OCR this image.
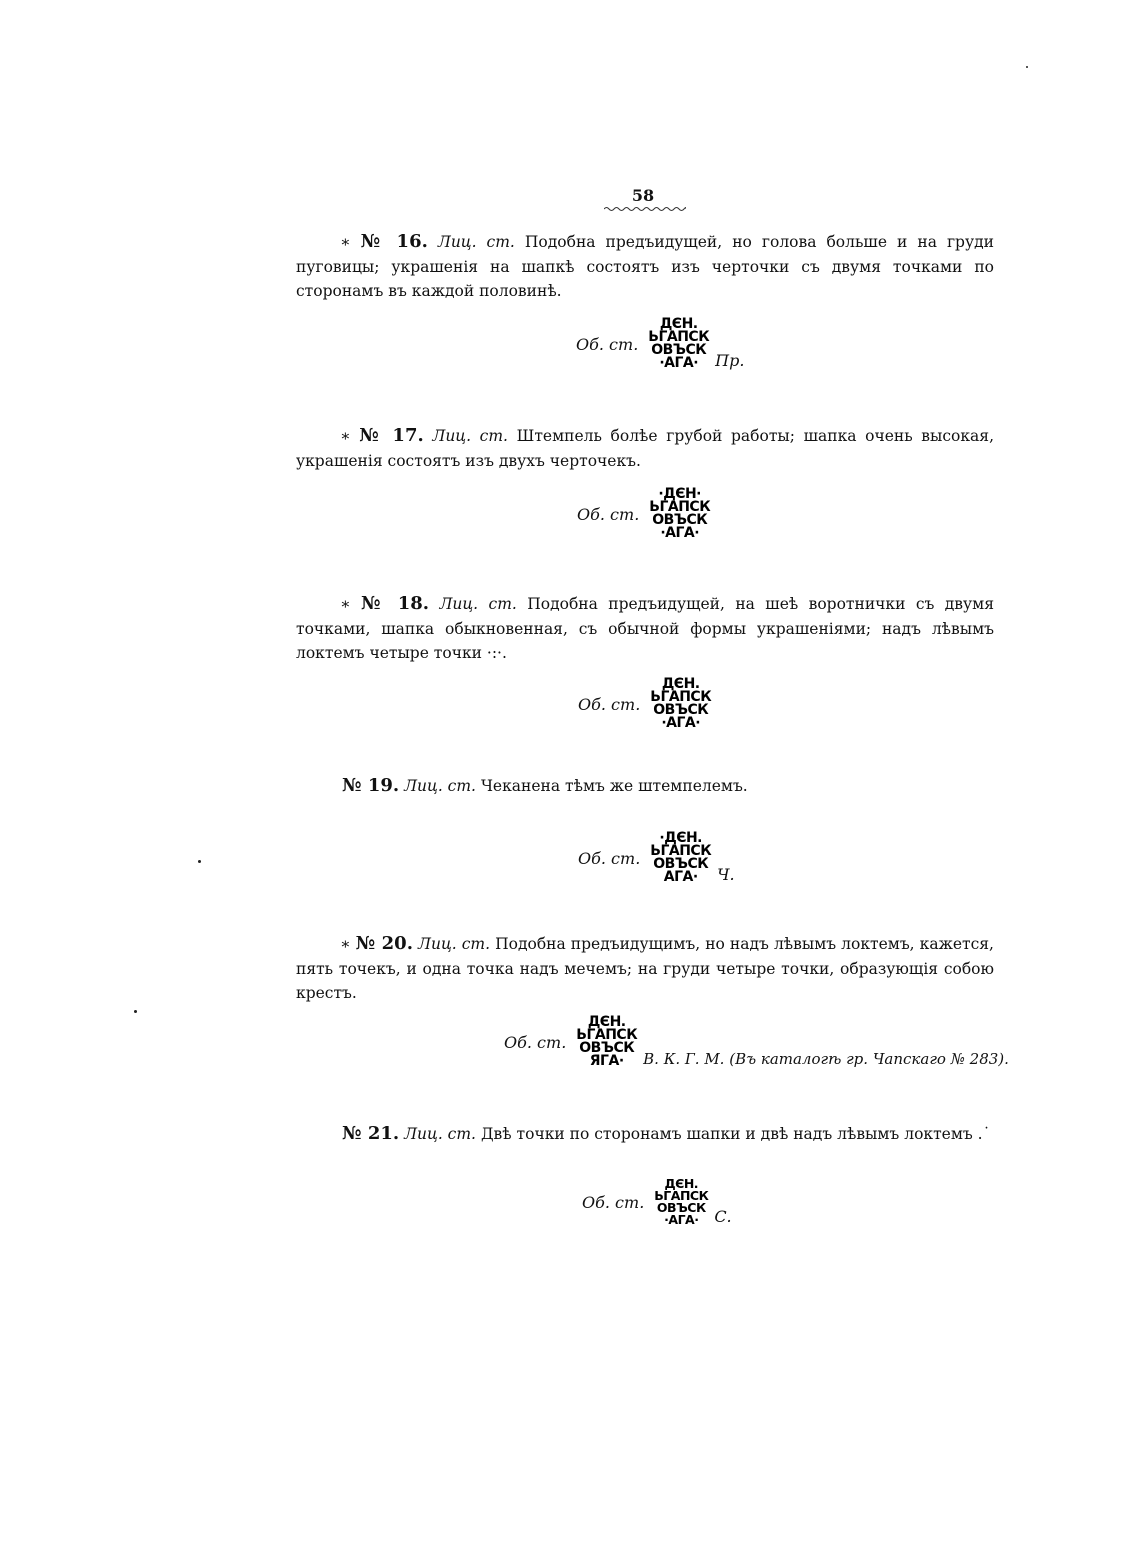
58
∗ № 16. Лиц. ст. Подобна предъидущей, но голова больше и на груди пуговицы; украшенія на шапкѣ состоятъ изъ черточки съ двумя точками по сторонамъ въ каждой половинѣ.
Об. ст.
ДЄН.
ЬГАПСК
ОВЪСК
·АГА·	Пр.
∗ № 17. Лиц. ст. Штемпель болѣе грубой работы; шапка очень высокая, украшенія состоятъ изъ двухъ черточекъ.
Об. ст.
·ДЄН·
ЬГАПСК
ОВЪСК
·АГА·
∗ № 18. Лиц. ст. Подобна предъидущей, на шеѣ воротнички съ двумя точками, шапка обыкновенная, съ обычной формы украшеніями; надъ лѣвымъ локтемъ четыре точки ·:·.
Об. ст.
ДЄН.
ЬГАПСК
ОВЪСК
·АГА·
№ 19. Лиц. ст. Чеканена тѣмъ же штемпелемъ.
Об. ст.
·ДЄН.
ЬГАПСК
ОВЪСК
АГА·	Ч.
∗ № 20. Лиц. ст. Подобна предъидущимъ, но надъ лѣвымъ локтемъ, кажется, пять точекъ, и одна точка надъ мечемъ; на груди четыре точки, образующія собою крестъ.
Об. ст.
ДЄН.
ЬГАПСК
ОВЪСК
ЯГА·	В. К. Г. М. (Въ каталогѣ гр. Чапскаго № 283).
№ 21. Лиц. ст. Двѣ точки по сторонамъ шапки и двѣ надъ лѣвымъ локтемъ .˙
Об. ст.
ДЄН.
ЬГАПСК
ОВЪСК
·АГА· С.
